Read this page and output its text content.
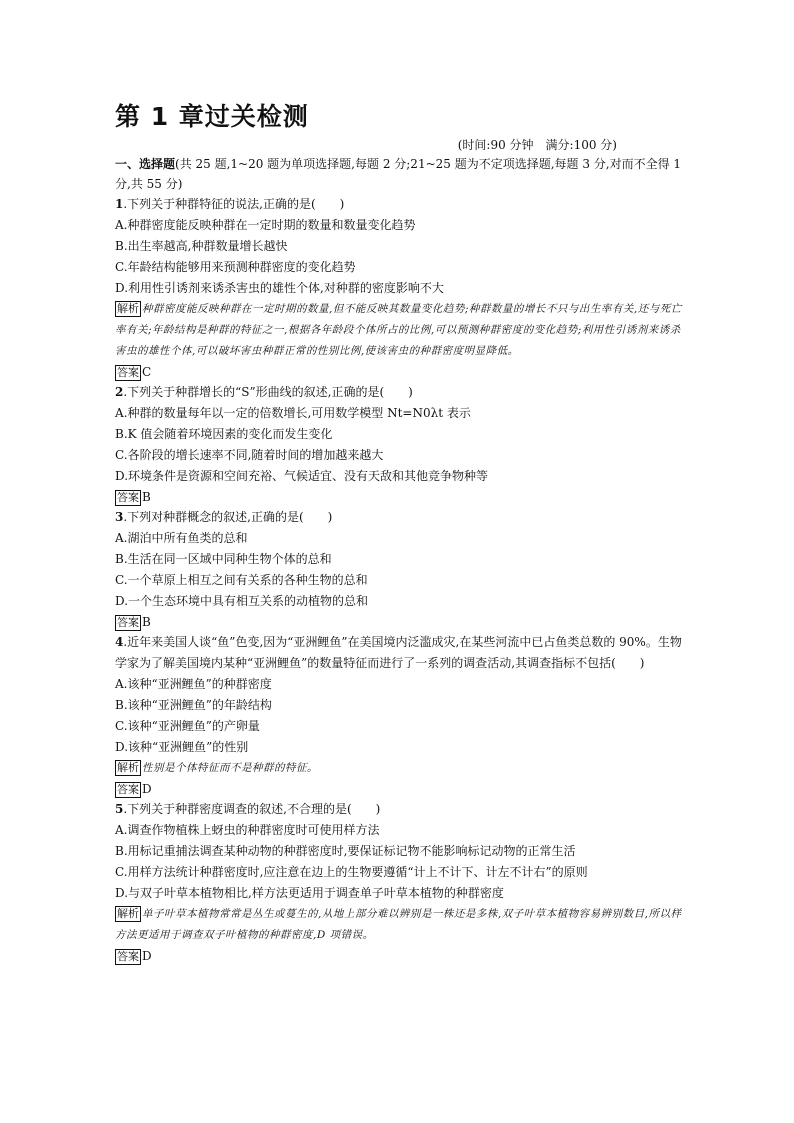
第 1 章过关检测

(时间:90 分钟　满分:100 分)

一、选择题(共 25 题,1~20 题为单项选择题,每题 2 分;21~25 题为不定项选择题,每题 3 分,对而不全得 1 分,共 55 分)

1.下列关于种群特征的说法,正确的是(　　)

A.种群密度能反映种群在一定时期的数量和数量变化趋势

B.出生率越高,种群数量增长越快

C.年龄结构能够用来预测种群密度的变化趋势

D.利用性引诱剂来诱杀害虫的雄性个体,对种群的密度影响不大

解析 种群密度能反映种群在一定时期的数量,但不能反映其数量变化趋势;种群数量的增长不只与出生率有关,还与死亡率有关;年龄结构是种群的特征之一,根据各年龄段个体所占的比例,可以预测种群密度的变化趋势;利用性引诱剂来诱杀害虫的雄性个体,可以破坏害虫种群正常的性别比例,使该害虫的种群密度明显降低。

答案 C

2.下列关于种群增长的“S”形曲线的叙述,正确的是(　　)

A.种群的数量每年以一定的倍数增长,可用数学模型 Nt=N0λt 表示

B.K 值会随着环境因素的变化而发生变化

C.各阶段的增长速率不同,随着时间的增加越来越大

D.环境条件是资源和空间充裕、气候适宜、没有天敌和其他竞争物种等

答案 B

3.下列对种群概念的叙述,正确的是(　　)

A.湖泊中所有鱼类的总和

B.生活在同一区域中同种生物个体的总和

C.一个草原上相互之间有关系的各种生物的总和

D.一个生态环境中具有相互关系的动植物的总和

答案 B

4.近年来美国人谈“鱼”色变,因为“亚洲鲤鱼”在美国境内泛滥成灾,在某些河流中已占鱼类总数的 90%。生物学家为了解美国境内某种“亚洲鲤鱼”的数量特征而进行了一系列的调查活动,其调查指标不包括(　　)

A.该种“亚洲鲤鱼”的种群密度

B.该种“亚洲鲤鱼”的年龄结构

C.该种“亚洲鲤鱼”的产卵量

D.该种“亚洲鲤鱼”的性别

解析 性别是个体特征而不是种群的特征。

答案 D

5.下列关于种群密度调查的叙述,不合理的是(　　)

A.调查作物植株上蚜虫的种群密度时可使用样方法

B.用标记重捕法调查某种动物的种群密度时,要保证标记物不能影响标记动物的正常生活

C.用样方法统计种群密度时,应注意在边上的生物要遵循“计上不计下、计左不计右”的原则

D.与双子叶草本植物相比,样方法更适用于调查单子叶草本植物的种群密度

解析 单子叶草本植物常常是丛生或蔓生的,从地上部分难以辨别是一株还是多株,双子叶草本植物容易辨别数目,所以样方法更适用于调查双子叶植物的种群密度,D 项错误。

答案 D
